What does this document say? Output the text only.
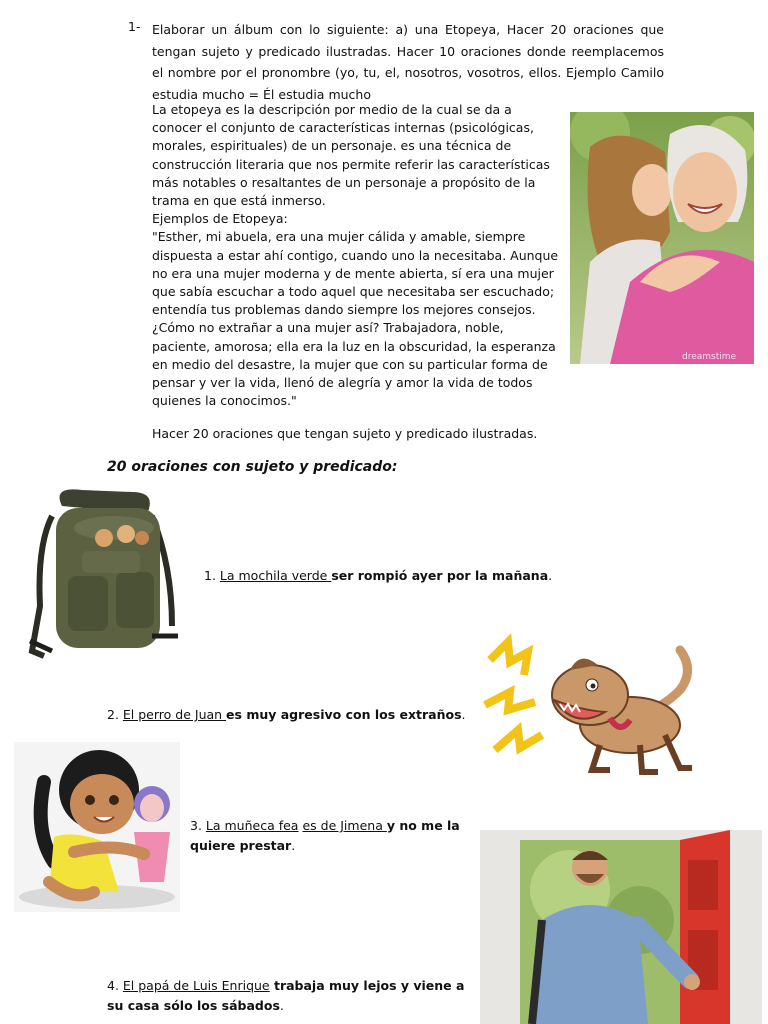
1- Elaborar un álbum con lo siguiente: a) una Etopeya, Hacer 20 oraciones que tengan sujeto y predicado ilustradas. Hacer 10 oraciones donde reemplacemos el nombre por el pronombre (yo, tu, el, nosotros, vosotros, ellos. Ejemplo Camilo estudia mucho = Él estudia mucho

La etopeya es la descripción por medio de la cual se da a conocer el conjunto de características internas (psicológicas, morales, espirituales) de un personaje. es una técnica de construcción literaria que nos permite referir las características más notables o resaltantes de un personaje a propósito de la trama en que está inmerso.

Ejemplos de Etopeya:

"Esther, mi abuela, era una mujer cálida y amable, siempre dispuesta a estar ahí contigo, cuando uno la necesitaba. Aunque no era una mujer moderna y de mente abierta, sí era una mujer que sabía escuchar a todo aquel que necesitaba ser escuchado; entendía tus problemas dando siempre los mejores consejos. ¿Cómo no extrañar a una mujer así? Trabajadora, noble, paciente, amorosa; ella era la luz en la obscuridad, la esperanza en medio del desastre, la mujer que con su particular forma de pensar y ver la vida, llenó de alegría y amor la vida de todos quienes la conocimos."

dreamstime
Hacer 20 oraciones que tengan sujeto y predicado ilustradas.
20 oraciones con sujeto y predicado:
1. La mochila verde ser rompió ayer por la mañana.
2. El perro de Juan es muy agresivo con los extraños.
3. La muñeca fea es de Jimena y no me la quiere prestar.
4. El papá de Luis Enrique trabaja muy lejos y viene a su casa sólo los sábados.
